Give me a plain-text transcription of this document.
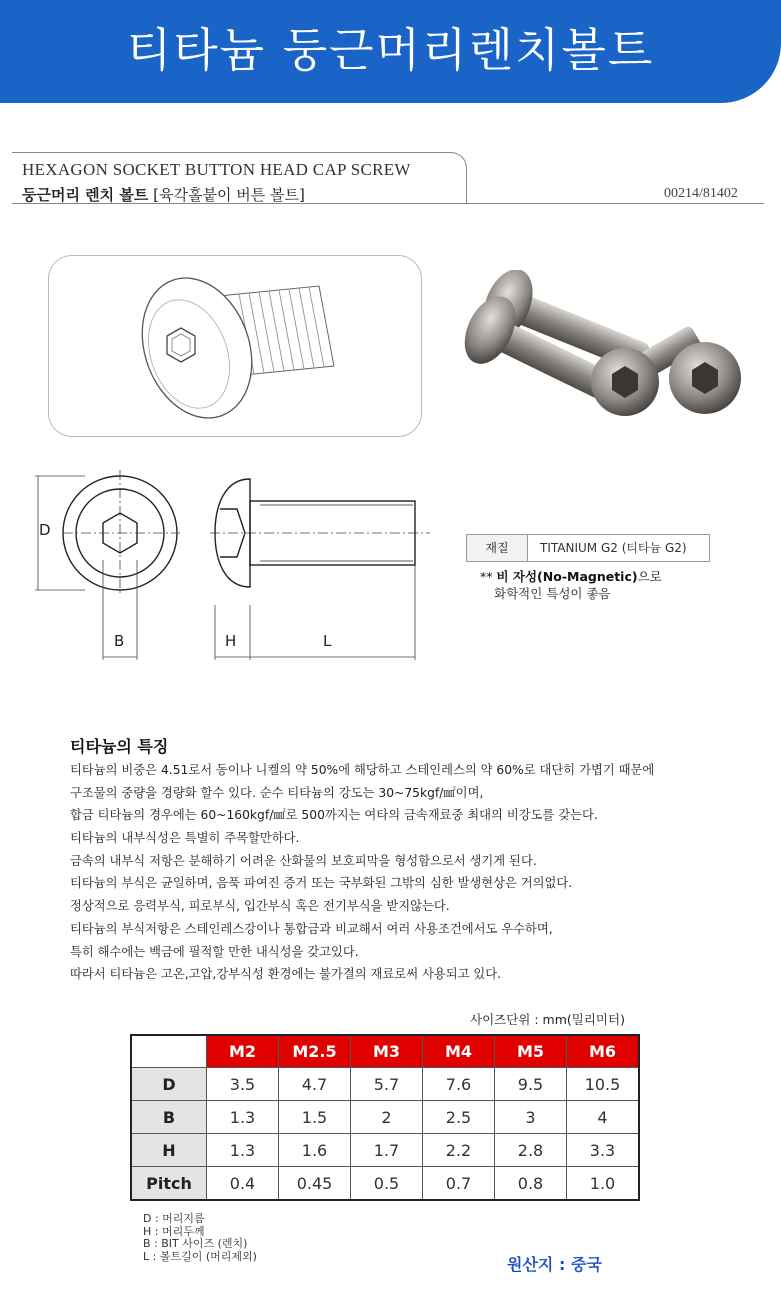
티타늄 둥근머리렌치볼트
HEXAGON SOCKET BUTTON HEAD CAP SCREW
둥근머리 렌치 볼트 [육각홀붙이 버튼 볼트]	00214/81402
D
B	H	L
재질	TITANIUM G2 (티타늄 G2)
** 비 자성(No-Magnetic)으로
화학적인 특성이 좋음
티타늄의 특징
티타늄의 비중은 4.51로서 동이나 니켈의 약 50%에 해당하고 스테인레스의 약 60%로 대단히 가볍기 때문에
구조물의 중량을 경량화 할수 있다. 순수 티타늄의 강도는 30~75kgf/㎟이며,
합금 티타늄의 경우에는 60~160kgf/㎟로 500까지는 여타의 금속재료중 최대의 비강도를 갖는다.
티타늄의 내부식성은 특별히 주목할만하다.
금속의 내부식 저항은 분해하기 어려운 산화물의 보호피막을 형성함으로서 생기게 된다.
티타늄의 부식은 균일하며, 음푹 파여진 증거 또는 국부화된 그밖의 심한 발생현상은 거의없다.
정상적으로 응력부식, 피로부식, 입간부식 혹은 전기부식을 받지않는다.
티타늄의 부식저항은 스테인레스강이나 통합금과 비교해서 여러 사용조건에서도 우수하며,
특히 해수에는 백금에 필적할 만한 내식성을 갖고있다.
따라서 티타늄은 고온,고압,강부식성 환경에는 불가결의 재료로써 사용되고 있다.
사이즈단위 : mm(밀리미터)
	M2	M2.5	M3	M4	M5	M6
D	3.5	4.7	5.7	7.6	9.5	10.5
B	1.3	1.5	2	2.5	3	4
H	1.3	1.6	1.7	2.2	2.8	3.3
Pitch	0.4	0.45	0.5	0.7	0.8	1.0
D : 머리지름
H : 머리두께
B : BIT 사이즈 (렌치)
L : 볼트길이 (머리제외)	원산지 : 중국
